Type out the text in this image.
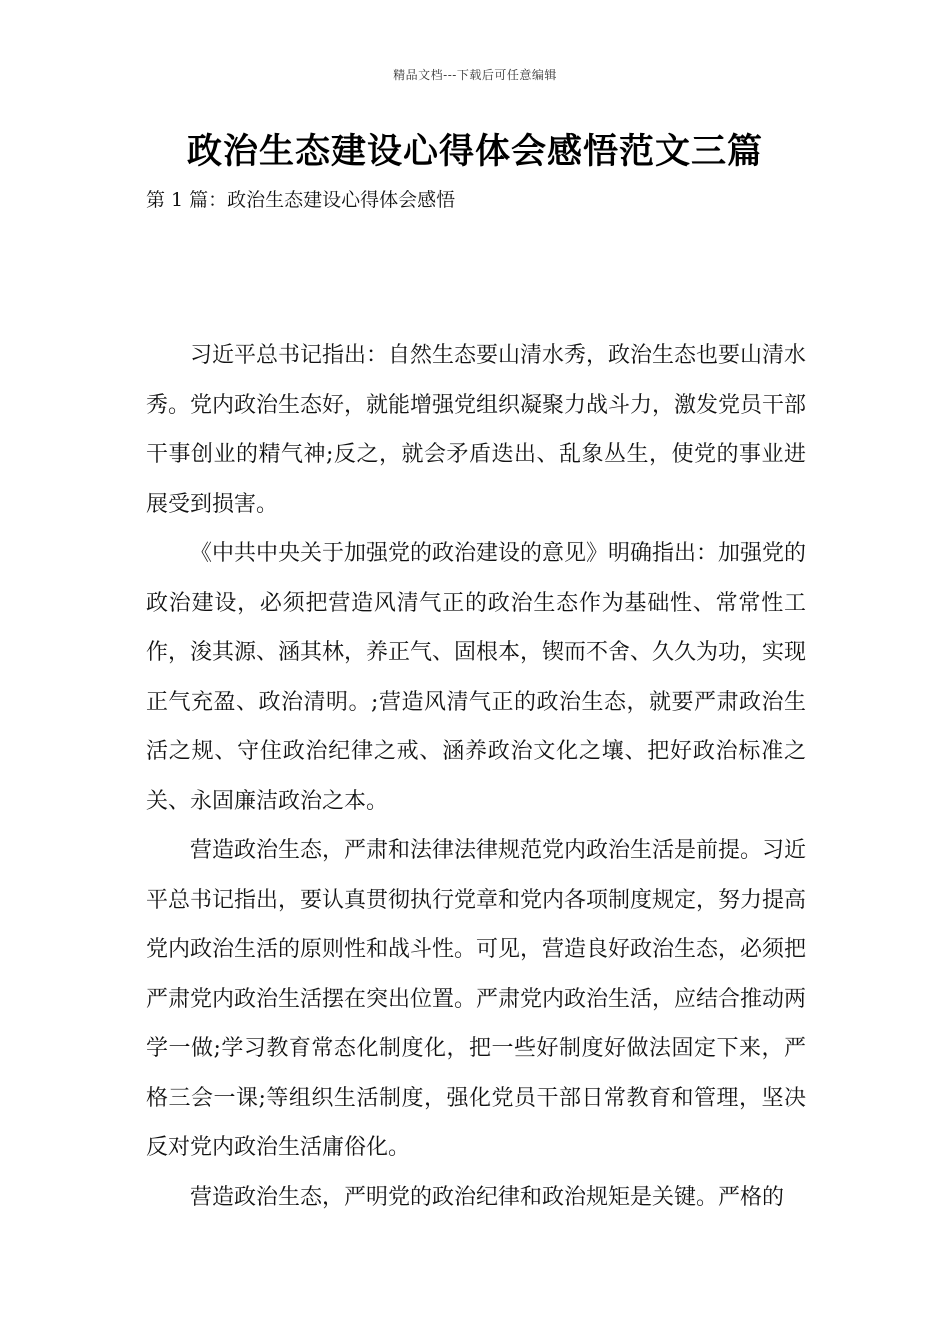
精品文档---下载后可任意编辑
政治生态建设心得体会感悟范文三篇

第 1 篇：政治生态建设心得体会感悟

习近平总书记指出：自然生态要山清水秀，政治生态也要山清水秀。党内政治生态好，就能增强党组织凝聚力战斗力，激发党员干部干事创业的精气神;反之，就会矛盾迭出、乱象丛生，使党的事业进展受到损害。

《中共中央关于加强党的政治建设的意见》明确指出：加强党的政治建设，必须把营造风清气正的政治生态作为基础性、常常性工作，浚其源、涵其林，养正气、固根本，锲而不舍、久久为功，实现正气充盈、政治清明。;营造风清气正的政治生态，就要严肃政治生活之规、守住政治纪律之戒、涵养政治文化之壤、把好政治标准之关、永固廉洁政治之本。

营造政治生态，严肃和法律法律规范党内政治生活是前提。习近平总书记指出，要认真贯彻执行党章和党内各项制度规定，努力提高党内政治生活的原则性和战斗性。可见，营造良好政治生态，必须把严肃党内政治生活摆在突出位置。严肃党内政治生活，应结合推动两学一做;学习教育常态化制度化，把一些好制度好做法固定下来，严格三会一课;等组织生活制度，强化党员干部日常教育和管理，坚决反对党内政治生活庸俗化。

营造政治生态，严明党的政治纪律和政治规矩是关键。严格的
